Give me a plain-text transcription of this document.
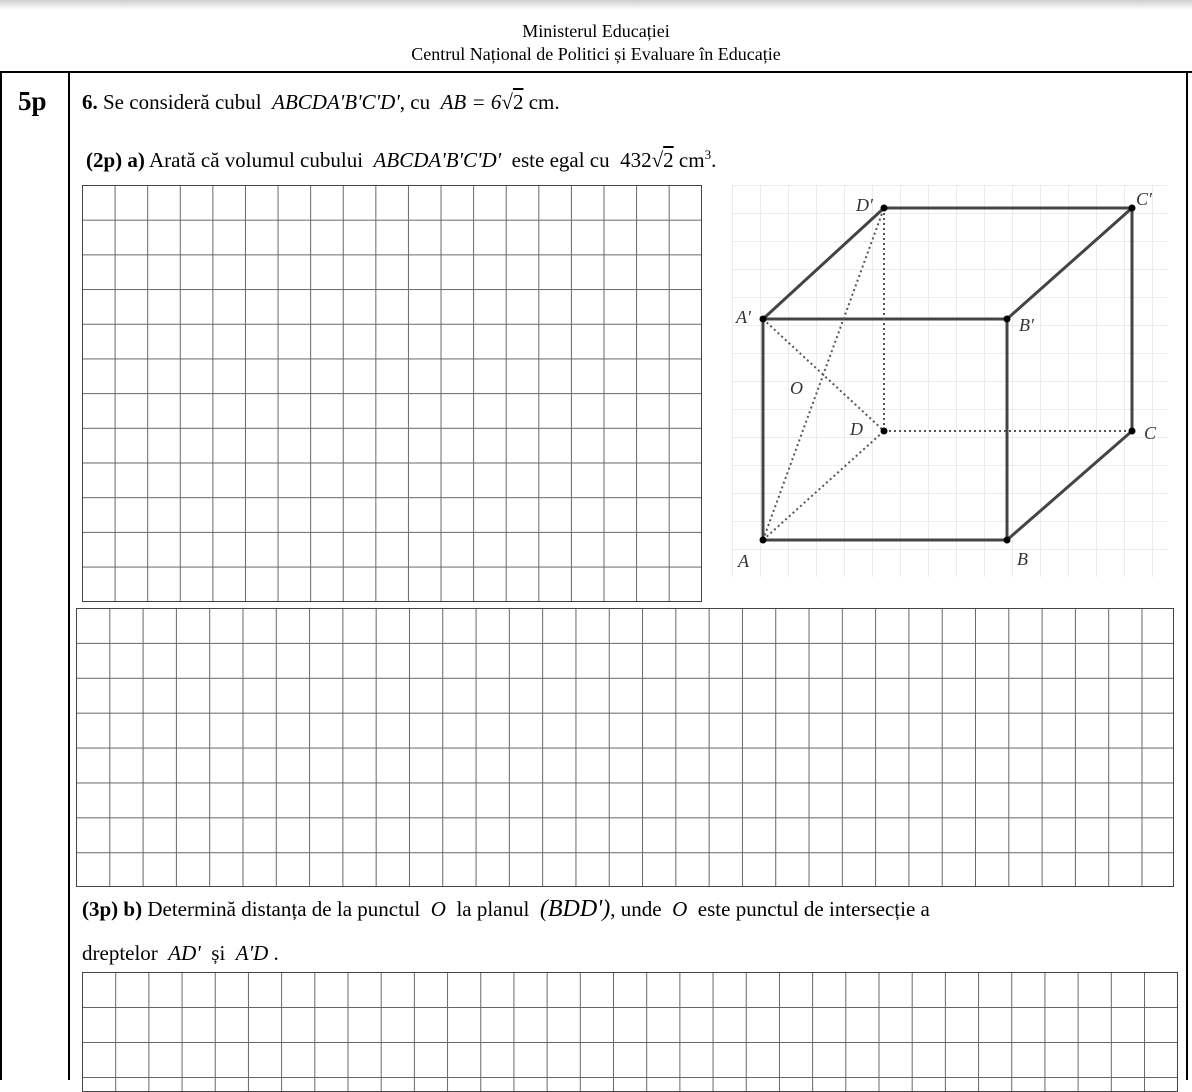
Ministerul Educației
Centrul Național de Politici și Evaluare în Educație
5p 6. Se consideră cubul ABCDA'B'C'D', cu AB = 6√2 cm.
(2p) a) Arată că volumul cubului ABCDA'B'C'D' este egal cu 432√2 $cm^3$.
A	B
C
D
A′	B′
C′
D′
O
(3p) b) Determină distanța de la punctul O la planul (BDD'), unde O este punctul de intersecție a
dreptelor AD' și A'D .
